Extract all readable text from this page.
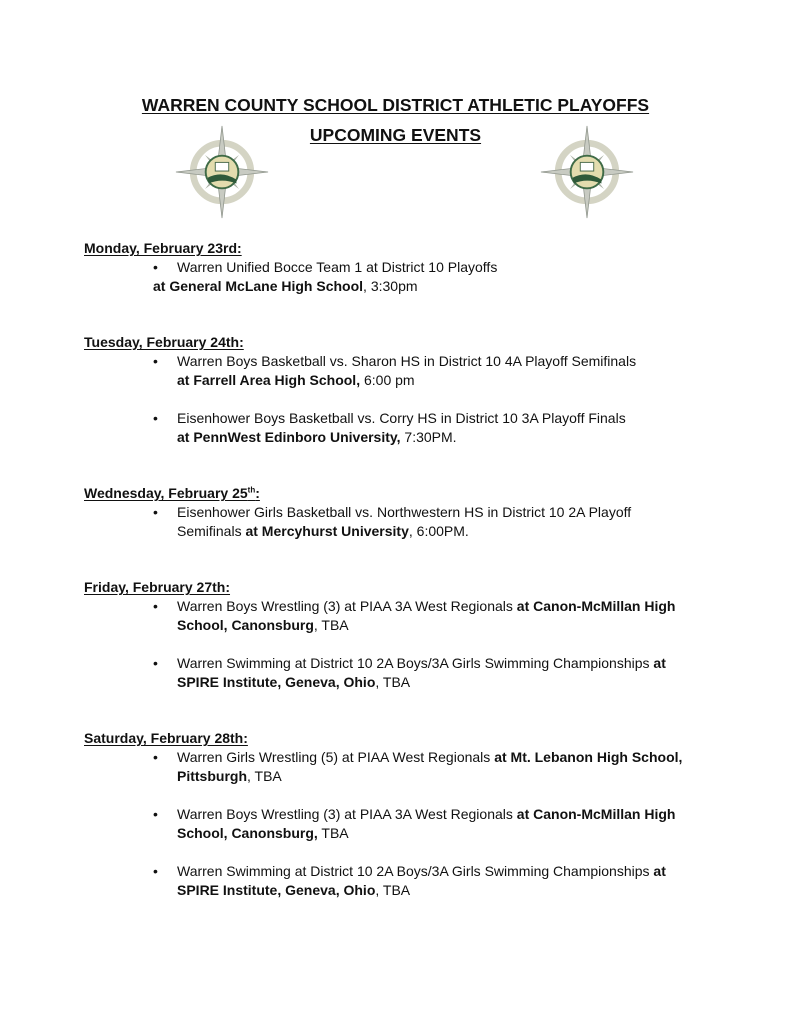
WARREN COUNTY SCHOOL DISTRICT ATHLETIC PLAYOFFS
UPCOMING EVENTS
Monday, February 23rd:
•	Warren Unified Bocce Team 1 at District 10 Playoffs
at General McLane High School, 3:30pm
Tuesday, February 24th:
•	Warren Boys Basketball vs. Sharon HS in District 10 4A Playoff Semifinals
at Farrell Area High School, 6:00 pm
•	Eisenhower Boys Basketball vs. Corry HS in District 10 3A Playoff Finals
at PennWest Edinboro University, 7:30PM.
Wednesday, February 25th:
•	Eisenhower Girls Basketball vs. Northwestern HS in District 10 2A Playoff
Semifinals at Mercyhurst University, 6:00PM.
Friday, February 27th:
•	Warren Boys Wrestling (3) at PIAA 3A West Regionals at Canon-McMillan High
School, Canonsburg, TBA
•	Warren Swimming at District 10 2A Boys/3A Girls Swimming Championships at
SPIRE Institute, Geneva, Ohio, TBA
Saturday, February 28th:
•	Warren Girls Wrestling (5) at PIAA West Regionals at Mt. Lebanon High School,
Pittsburgh, TBA
•	Warren Boys Wrestling (3) at PIAA 3A West Regionals at Canon-McMillan High
School, Canonsburg, TBA
•	Warren Swimming at District 10 2A Boys/3A Girls Swimming Championships at
SPIRE Institute, Geneva, Ohio, TBA
